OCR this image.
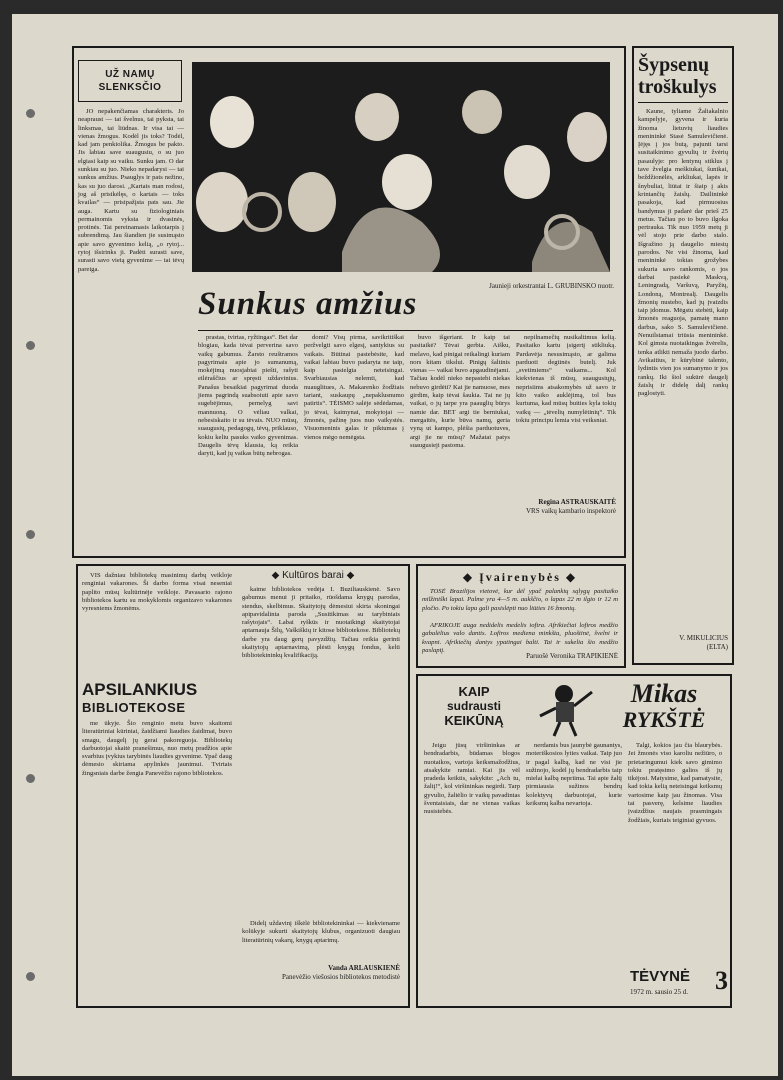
UŽ NAMŲ SLENKSČIO

JO nepakenčiamas charakteris. Jo neapraust — tai švelnus, tai pyksta, tai linksmas, tai liūdnas. Ir visa tai — vienas žmogus. Kodėl jis toks? Todėl, kad jam penkiolika. Žmogus be pakto. Jis labiau save suaugusiu, o su juo elgiasi kaip su vaiku. Sunku jam. O dar sunkiau su juo. Nieko nepadarysi — tai sunkus amžius. Psauglys ir pats nežino, kas su juo darosi. „Kartais man rodosi, jog aš prisikėlęs, o kartais — toks kvailas“ — prisipažįsta pats sau. Jie auga. Kartu su fiziologiniais permainomis vyksta ir dvasinės, protinės. Tai pereinamasis laikotarpis į subrendimą. Jau šiandien jie susimąsto apie savo gyvenimo kelią, „o rytoj... rytoj išsirinks ji. Padėti surasti save, surasti savo vietą gyvenime — tai tėvų pareiga.

Sunkus amžius	Jaunieji orkestrantai L. GRUBINSKO nuotr.

prastas, tvirtas, ryžtingas“. Bet dar blogiau, kada tėvai perverina savo vaikų gabumus. Žarsto reuštramos pagyrimais apie jo sumanumą, mokėjimą nuosjabiai piešti, rašyti eilėraščius ar spręsti uždavinius. Panašus besaikiai pagyrimai duoda jiems pagrindą suabsoiuti apie savo sugebėjimus, pernelyg savi mannuoną. O vėliau valkai, nebesiskaito ir su tėvais. NUO mūsų, suaugusių, pedagogų, tėvų, priklauso, kokiu keliu pasuks vaiko gyvenimas. Daugelis tėvų klausia, ką reikia daryti, kad jų vaikas būtų nebrogas.

domi? Visų pirma, savikritiškai peržvelgti savo elgesį, santykius su vaikais. Būtinai pastebėsite, kad vaikai labiau buvo padaryta ne taip, kaip pasielgta neteisingai. Svarbiausias nelemti, kad nuauglitues, A. Makarenko žodžiais tariant, suskaupų „nepaklusnumo patirtis“. TĖISMO salėje sėdėdamas, jo tėvai, kaimynai, mokytojai — žmonės, pažinę juos nuo vaikystės. Visuomeninis galas ir piktumas į vienos mėgo nemėgsta.

buvo išgeriant. Ir kaip tai pasitaikė? Tėvai gerbia. Aišku, melavo, kad pinigai reikalingi kuriam nors kitam tikslui. Pinigų šaltinis vienas — vaikai buvo apgaudinėjami. Tačiau kodėl nieko nepastebi niekas nebuvo girdėti? Kai jie namuose, mes girdim, kaip tėvai šaukia. Tai ne jų vaikai, o jų tarpe yra paauglių būrys namie dar. BET argi tie berniukai, mergaitės, kurie būva namų, geria vyną ut kampo, plėšia parduotuves, argi jie ne mūsų? Mažatai patys suaugusieji pastoma.

nepilnamečių nusikaltimus kelią. Pasitaiko kartu įsigertį stikliuką. Pardavėja nesusimąsto, ar galima parduoti degtinės butelį. Juk „svetimiems“ vaikams... Kol kiekvienas iš mūsų, suaugusiųjų, neprisiims atsakomybės už savo ir kito vaiko auklėjimą, tol bus kurtuma, kad mūsų buities kyla tokių vaikų — „tėvelių numylėtinių“. Tik tokiu principu lemia visi veiksniai.

Regina ASTRAUSKAITĖ
VRS vaikų kambario inspektorė
Šypsenų troškulys

Kaune, tyliame Žaliakalnio kampelyje, gyvena ir kuria žinoma lietuvių liaudies menininkė Stasė Samulevičienė. Įėjęs į jos butą, pajunti tarsi susitaikinimo gyvulių ir žvėrių pasaulyje: pro lentynų stiklus į tave žvelgia meškiukai, šunikai, beždžionėlės, arkliukai, lapės ir šnybuliai, liūtai ir šiaip į akis krintančių žaislų. Dailininkė pasakoja, kad pirmuosius bandymus ji padarė dar prieš 25 metus. Tačiau po to buvo ilgoka pertrauka. Tik nuo 1959 metų ji vėl stojo prie darbo stalo. Išgražino ją daugelio miestų parodos. Ne visi žinoma, kad menininkė tokias grožybes sukuria savo rankomis, o jos darbai pasiekė Maskvą, Leningradą, Varšuvą, Paryžių, Londoną, Montrealį. Daugelis žmonių nustebo, kad jų įvaizdis taip įdomus. Mėgstu stebėti, kaip žmonės reaguoja, pamatę mano darbus, sako S. Samulevičienė. Nenuilstamai triūsia menininkė. Kol gimsta nuotaikingas žvėrelis, tenka atlikti nemaža juodo darbo. Avikaitius, ir kūrybinė talento, lydintis vien jos sumanymo ir jos rankų. Iki šiol sukūrė daugelį žaislų ir didelę dalį rankų paglostyti.

V. MIKULICIUS
(ELTA)
◆ Kultūros barai ◆

VIS dažniau bibliotekų masinimų darbų veikloje renginiai vakarones. Ši darbo forma visai neseniai paplito mūsų kultūrinėje veikloje. Pavasario rajono bibliotekos kartu su mokyklomis organizavo vakarones vyresniems žmonėms.

APSILANKIUS
BIBLIOTEKOSE

me ūkyje. Šio renginio metu buvo skaitomi literatūriniai kūriniai, žaidžiami liaudies žaidimai, buvo smagu, daugelį jų gerai pakoreguoja. Bibliotekų darbuotojai skaitė pranešimus, nuo metų pradžios apie svarbius įvykius tarybinės liaudies gyvenime. Ypač daug dėmesio skiriama apylinkės jaunimui. Tvirtais žingsniais darbe žengia Panevėžio rajono bibliotekos.

kaime bibliotekos vedėja I. Buziltauskienė. Savo gabumus menui ji pritaiko, rūošdama knygų parodas, stendus, skelbimus. Skaitytojų dėmesiui skirta skoningai apipavidalinta paroda „Susitikimas su tarybiniais rašytojais“. Labai ryškūs ir nuotaikingi skaitytojai aptarnauja Šilų, Vaškiškių ir kitose bibliotekose. Bibliotekų darbe yra daug gerų pavyzdžių. Tačiau reikia gerinti skaitytojų aptarnavimą, plėsti knygų fondus, kelti bibliotekininkų kvalifikaciją.

Didelį uždavinį iškėlė bibliotekininkai — kiekviename kolūkyje sukurti skaitytojų klubus, organizuoti daugiau literatūrinių vakarų, knygų aptarimų.

Vanda ARLAUSKIENĖ
Panevėžio viešosios bibliotekos metodistė
◆ Įvairenybės ◆

TOSĖ Brazilijos vietovė, kur dėl ypač palankių sąlygų pasitaiko milžiniški lapai. Palme yra 4—5 m. aukščio, o lapas 22 m ilgio ir 12 m pločio. Po tokiu lapu gali pasislėpti nuo liūties 16 žmonių.

AFRIKOJE auga nedidelis medelis iofira. Afrikiečiai lofiros medžio gabalėlius valo dantis. Lofiros mediena minkšta, pluoštinė, švelni ir kvapni. Afrikiečių dantys ypatingai balti. Tai ir sukelia šio medžio paslaptį.

Paruošė Veronika TRAPIKIENĖ
KAIP
sudrausti
KEIKŪNĄ
Mikas
RYKŠTĖ

Jeigu jūsų viršininkas ar bendradarbis, būdamas blogos nuotaikos, vartoja keiksmažodžius, atsakykite ramiai. Kai jis vėl pradeda keiktis, sakykite: „Ach tu, žaltį!“, kol viršininkas negirdi. Tarp gyvulio, žaltėlio ir vaikų pavadintas šventaisiais, dar ne vienas vaikas nusistebės.

nerdamis bus jaunybė gaunantys, moteriškosios lyties vaikai. Taip juo ir pagal kalbą, kad ne visi jie sužinojo, kodėl jų bendradarbis taip mielai kalbą nepriima. Tai apie žaltį pirmiausia sužinos bendrų kolektyvų darbuotojai, kurie keiksmų kalba nevartoja.

Talgi, kokios jau čia blaurybės. Jei žmonės viso karoliu nežiūro, o prietaringumui kiek savo gimimo tokiu pratęsimo galios iš jų tikėjosi. Matysime, kad pamatysite, kad tokia kelią neteisingai keiksmų vartosime kaip jau žinomas. Visa tai pasverę, kelsime liaudies įvaizdžius naujais prasmingais žodžiais, kuriais teiginiai gyvuos.

TĖVYNĖ 3
1972 m. sausio 25 d.
